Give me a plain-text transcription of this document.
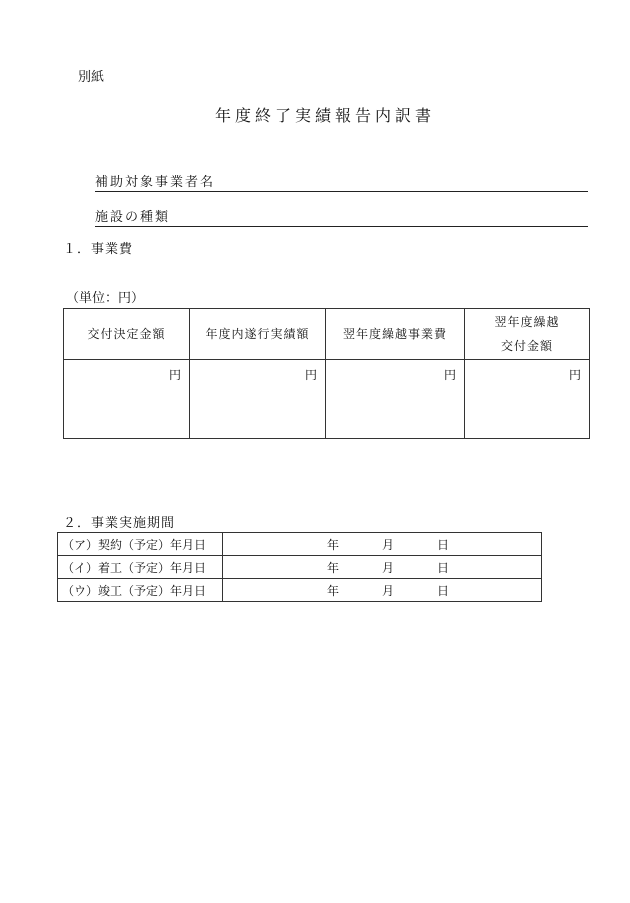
別紙
年度終了実績報告内訳書
補助対象事業者名
施設の種類
１．事業費
（単位：円）
交付決定金額	年度内遂行実績額	翌年度繰越事業費	翌年度繰越
交付金額

円	円	円	円
２．事業実施期間
（ア）契約（予定）年月日	年 月 日

（イ）着工（予定）年月日	年 月 日

（ウ）竣工（予定）年月日	年 月 日
